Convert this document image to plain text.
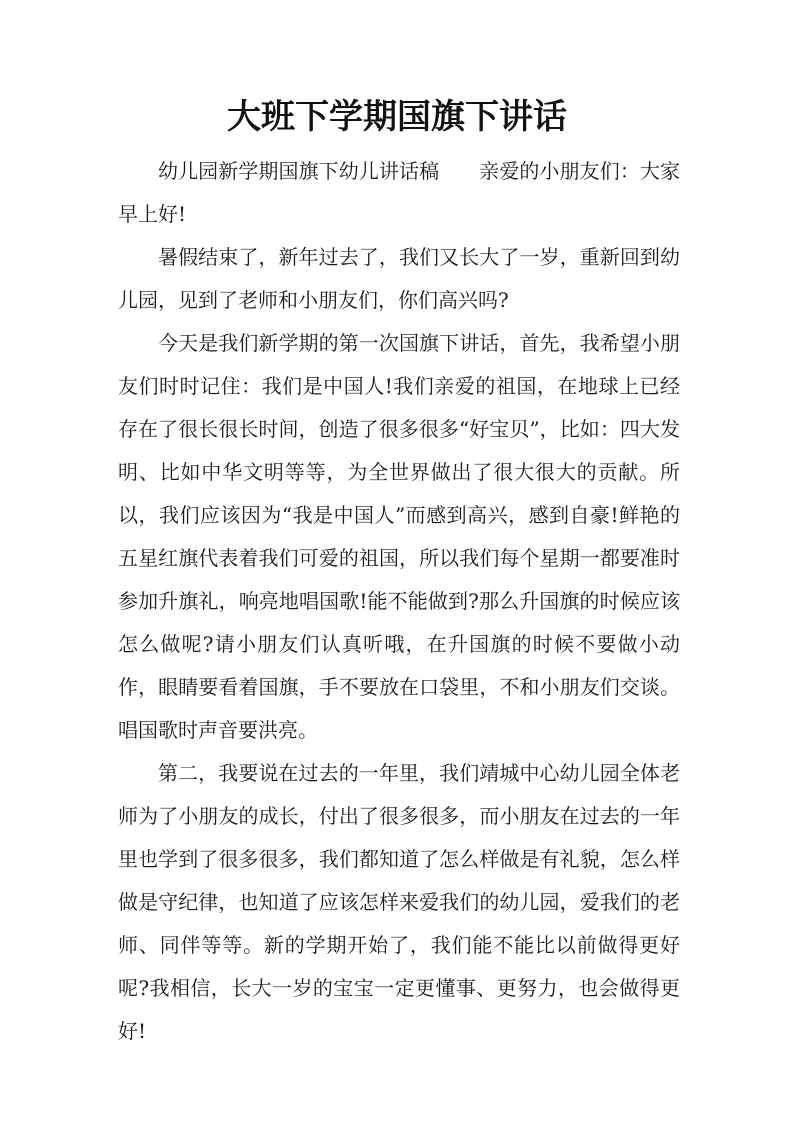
大班下学期国旗下讲话

幼儿园新学期国旗下幼儿讲话稿 亲爱的小朋友们：大家早上好!

暑假结束了，新年过去了，我们又长大了一岁，重新回到幼儿园，见到了老师和小朋友们，你们高兴吗?

今天是我们新学期的第一次国旗下讲话，首先，我希望小朋友们时时记住：我们是中国人!我们亲爱的祖国，在地球上已经存在了很长很长时间，创造了很多很多“好宝贝”，比如：四大发明、比如中华文明等等，为全世界做出了很大很大的贡献。所以，我们应该因为“我是中国人”而感到高兴，感到自豪!鲜艳的五星红旗代表着我们可爱的祖国，所以我们每个星期一都要准时参加升旗礼，响亮地唱国歌!能不能做到?那么升国旗的时候应该怎么做呢?请小朋友们认真听哦，在升国旗的时候不要做小动作，眼睛要看着国旗，手不要放在口袋里，不和小朋友们交谈。唱国歌时声音要洪亮。

第二，我要说在过去的一年里，我们靖城中心幼儿园全体老师为了小朋友的成长，付出了很多很多，而小朋友在过去的一年里也学到了很多很多，我们都知道了怎么样做是有礼貌，怎么样做是守纪律，也知道了应该怎样来爱我们的幼儿园，爱我们的老师、同伴等等。新的学期开始了，我们能不能比以前做得更好呢?我相信，长大一岁的宝宝一定更懂事、更努力，也会做得更好!
